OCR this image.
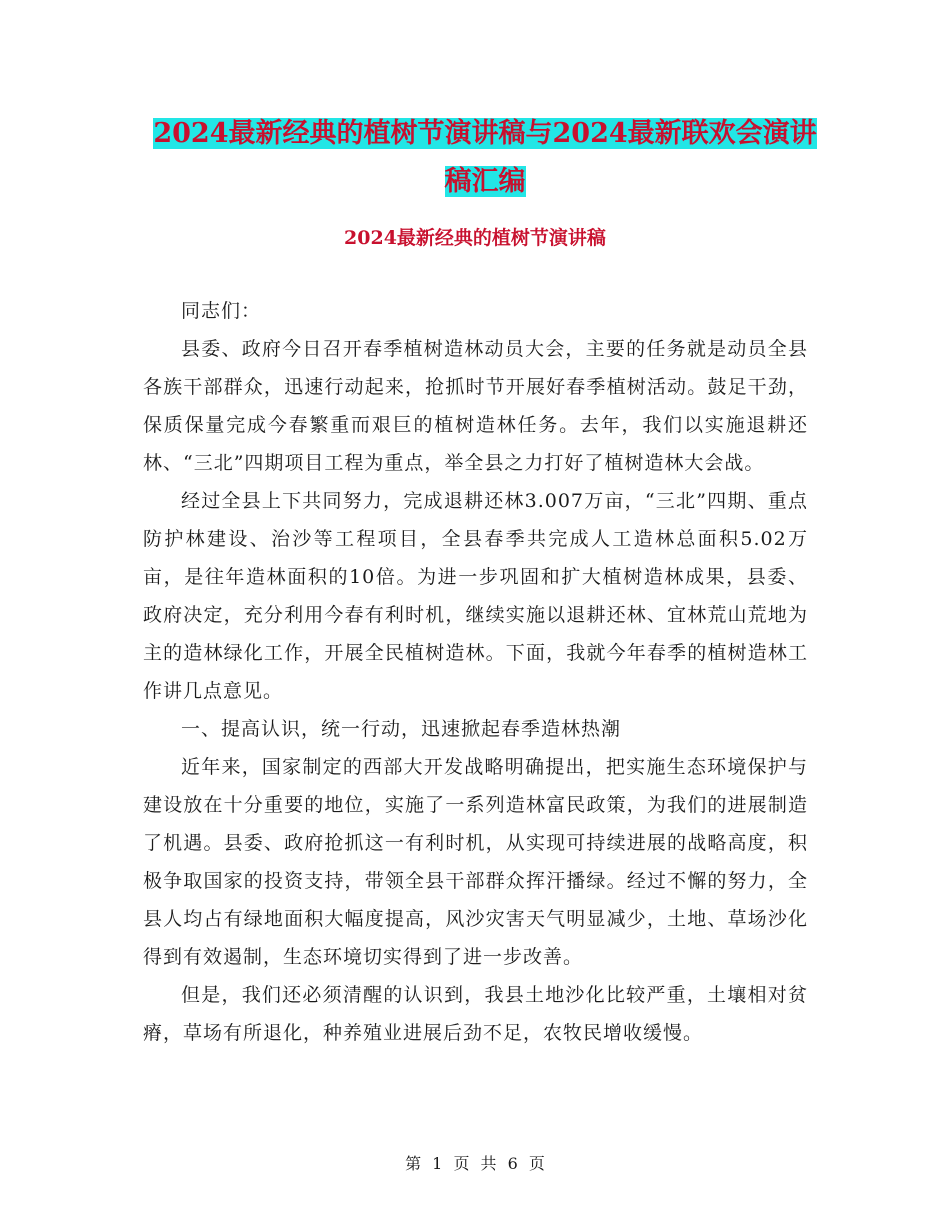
2024最新经典的植树节演讲稿与2024最新联欢会演讲
稿汇编
2024最新经典的植树节演讲稿

同志们：

县委、政府今日召开春季植树造林动员大会，主要的任务就是动员全县各族干部群众，迅速行动起来，抢抓时节开展好春季植树活动。鼓足干劲，保质保量完成今春繁重而艰巨的植树造林任务。去年，我们以实施退耕还林、“三北”四期项目工程为重点，举全县之力打好了植树造林大会战。

经过全县上下共同努力，完成退耕还林3.007万亩，“三北”四期、重点防护林建设、治沙等工程项目，全县春季共完成人工造林总面积5.02万亩，是往年造林面积的10倍。为进一步巩固和扩大植树造林成果，县委、政府决定，充分利用今春有利时机，继续实施以退耕还林、宜林荒山荒地为主的造林绿化工作，开展全民植树造林。下面，我就今年春季的植树造林工作讲几点意见。

一、提高认识，统一行动，迅速掀起春季造林热潮

近年来，国家制定的西部大开发战略明确提出，把实施生态环境保护与建设放在十分重要的地位，实施了一系列造林富民政策，为我们的进展制造了机遇。县委、政府抢抓这一有利时机，从实现可持续进展的战略高度，积极争取国家的投资支持，带领全县干部群众挥汗播绿。经过不懈的努力，全县人均占有绿地面积大幅度提高，风沙灾害天气明显减少，土地、草场沙化得到有效遏制，生态环境切实得到了进一步改善。

但是，我们还必须清醒的认识到，我县土地沙化比较严重，土壤相对贫瘠，草场有所退化，种养殖业进展后劲不足，农牧民增收缓慢。

第 1 页 共 6 页
